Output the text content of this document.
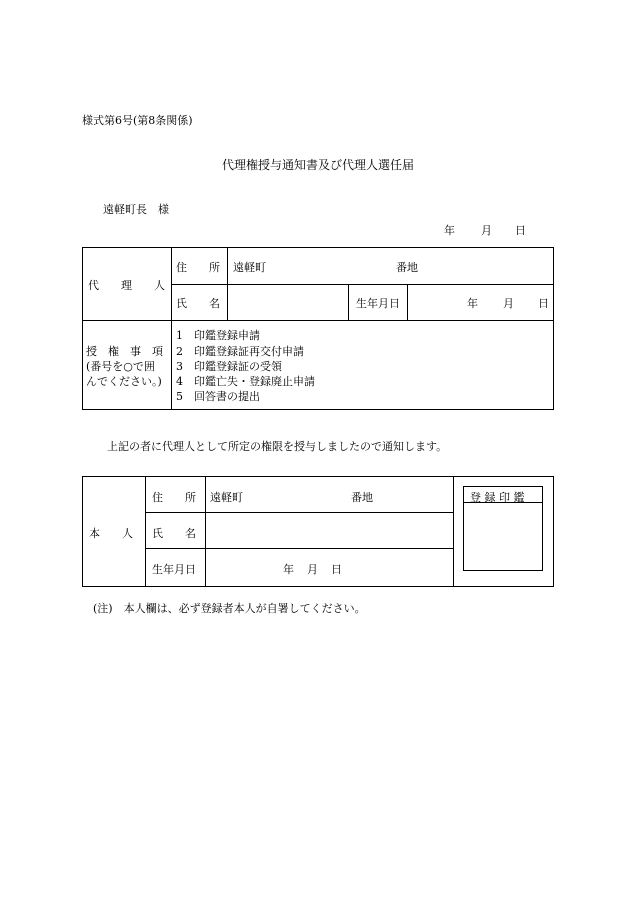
様式第6号(第8条関係)
代理権授与通知書及び代理人選任届
遠軽町長　様
年 月 日
代　　理　　人
住　　所 遠軽町	番地
氏　　名	生年月日	年 月 日
授　権　事　項
(番号を○で囲
んでください。)
1　印鑑登録申請
2　印鑑登録証再交付申請
3　印鑑登録証の受領
4　印鑑亡失・登録廃止申請
5　回答書の提出
上記の者に代理人として所定の権限を授与しましたので通知します。
本　　人
住　　所 遠軽町	番地
氏　　名
生年月日	年 月 日
登 録 印 鑑
(注)　本人欄は、必ず登録者本人が自署してください。
